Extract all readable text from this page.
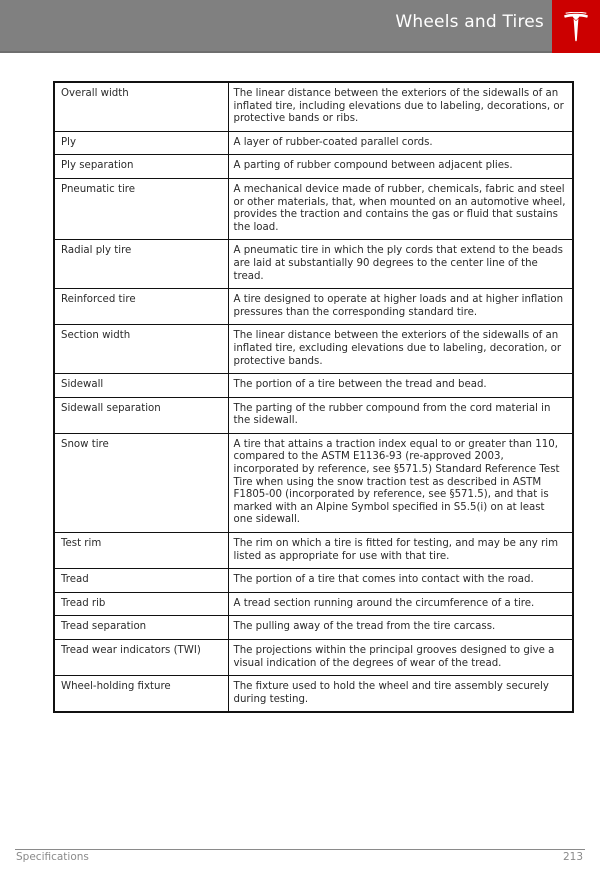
Wheels and Tires
Overall width	The linear distance between the exteriors of the sidewalls of an inflated tire, including elevations due to labeling, decorations, or protective bands or ribs.
Ply	A layer of rubber-coated parallel cords.
Ply separation	A parting of rubber compound between adjacent plies.
Pneumatic tire	A mechanical device made of rubber, chemicals, fabric and steel or other materials, that, when mounted on an automotive wheel, provides the traction and contains the gas or fluid that sustains the load.
Radial ply tire	A pneumatic tire in which the ply cords that extend to the beads are laid at substantially 90 degrees to the center line of the tread.
Reinforced tire	A tire designed to operate at higher loads and at higher inflation pressures than the corresponding standard tire.
Section width	The linear distance between the exteriors of the sidewalls of an inflated tire, excluding elevations due to labeling, decoration, or protective bands.
Sidewall	The portion of a tire between the tread and bead.
Sidewall separation	The parting of the rubber compound from the cord material in the sidewall.
Snow tire	A tire that attains a traction index equal to or greater than 110, compared to the ASTM E1136-93 (re-approved 2003, incorporated by reference, see §571.5) Standard Reference Test Tire when using the snow traction test as described in ASTM F1805-00 (incorporated by reference, see §571.5), and that is marked with an Alpine Symbol specified in S5.5(i) on at least one sidewall.
Test rim	The rim on which a tire is fitted for testing, and may be any rim listed as appropriate for use with that tire.
Tread	The portion of a tire that comes into contact with the road.
Tread rib	A tread section running around the circumference of a tire.
Tread separation	The pulling away of the tread from the tire carcass.
Tread wear indicators (TWI)	The projections within the principal grooves designed to give a visual indication of the degrees of wear of the tread.
Wheel-holding fixture	The fixture used to hold the wheel and tire assembly securely during testing.
Specifications	213
